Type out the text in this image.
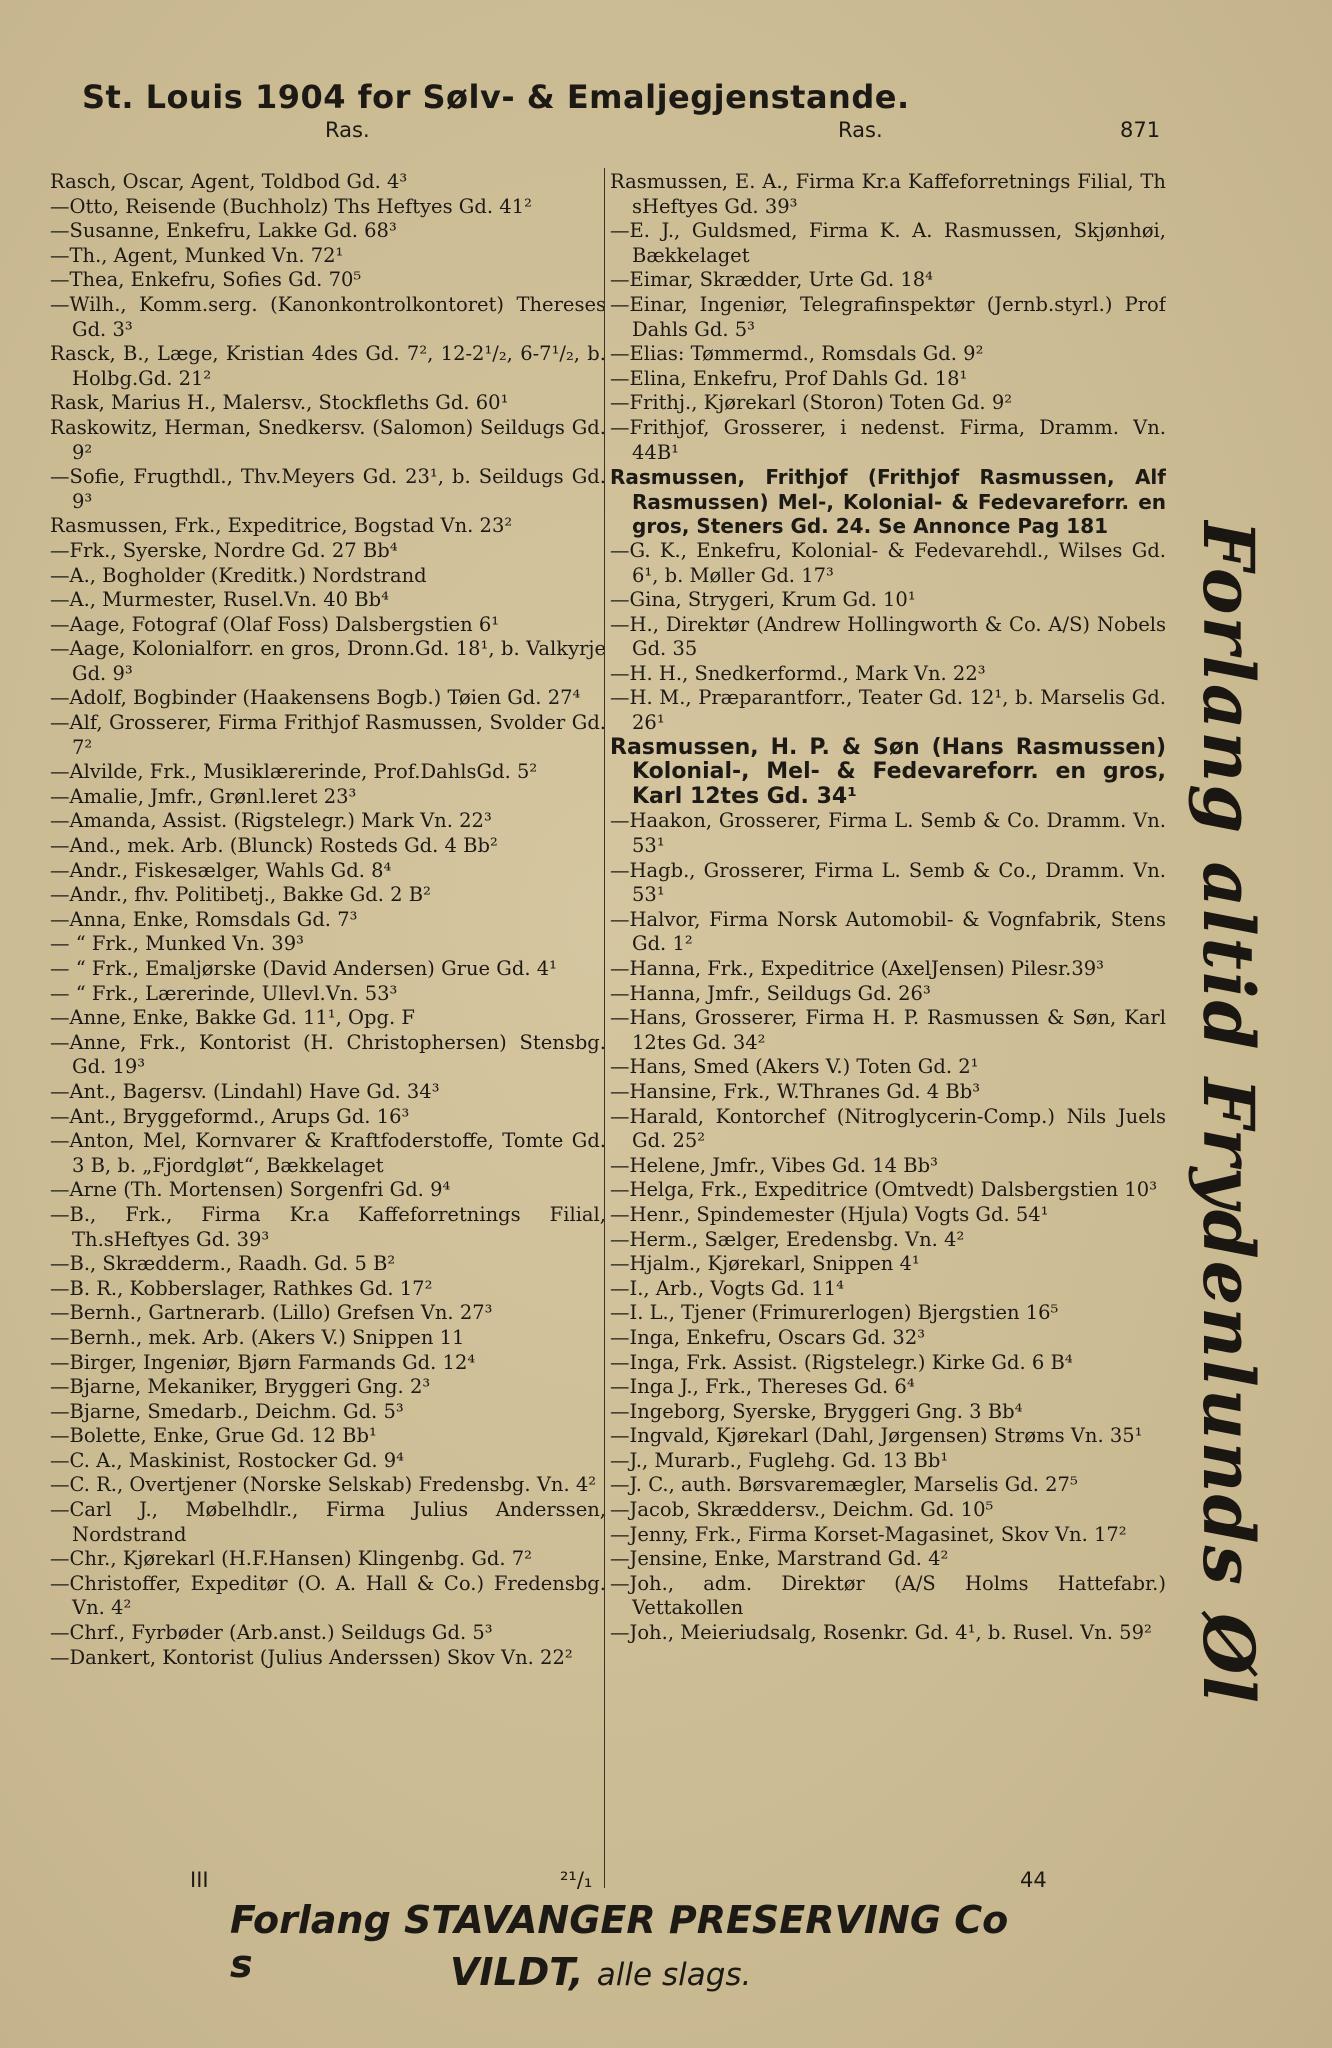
St. Louis 1904 for Sølv- & Emaljegjenstande.
Ras.	Ras.	871
Rasch, Oscar, Agent, Toldbod Gd. 4³
—Otto, Reisende (Buchholz) Ths Heftyes Gd. 41²
—Susanne, Enkefru, Lakke Gd. 68³
—Th., Agent, Munked Vn. 72¹
—Thea, Enkefru, Sofies Gd. 70⁵
—Wilh., Komm.serg. (Kanonkontrolkontoret) Thereses Gd. 3³
Rasck, B., Læge, Kristian 4des Gd. 7², 12-2¹/₂, 6-7¹/₂, b. Holbg.Gd. 21²
Rask, Marius H., Malersv., Stockfleths Gd. 60¹
Raskowitz, Herman, Snedkersv. (Salomon) Seildugs Gd. 9²
—Sofie, Frugthdl., Thv.Meyers Gd. 23¹, b. Seildugs Gd. 9³
Rasmussen, Frk., Expeditrice, Bogstad Vn. 23²
—Frk., Syerske, Nordre Gd. 27 Bb⁴
—A., Bogholder (Kreditk.) Nordstrand
—A., Murmester, Rusel.Vn. 40 Bb⁴
—Aage, Fotograf (Olaf Foss) Dalsbergstien 6¹
—Aage, Kolonialforr. en gros, Dronn.Gd. 18¹, b. Valkyrje Gd. 9³
—Adolf, Bogbinder (Haakensens Bogb.) Tøien Gd. 27⁴
—Alf, Grosserer, Firma Frithjof Rasmussen, Svolder Gd. 7²
—Alvilde, Frk., Musiklærerinde, Prof.DahlsGd. 5²
—Amalie, Jmfr., Grønl.leret 23³
—Amanda, Assist. (Rigstelegr.) Mark Vn. 22³
—And., mek. Arb. (Blunck) Rosteds Gd. 4 Bb²
—Andr., Fiskesælger, Wahls Gd. 8⁴
—Andr., fhv. Politibetj., Bakke Gd. 2 B²
—Anna, Enke, Romsdals Gd. 7³
— “ Frk., Munked Vn. 39³
— “ Frk., Emaljørske (David Andersen) Grue Gd. 4¹
— “ Frk., Lærerinde, Ullevl.Vn. 53³
—Anne, Enke, Bakke Gd. 11¹, Opg. F
—Anne, Frk., Kontorist (H. Christophersen) Stensbg. Gd. 19³
—Ant., Bagersv. (Lindahl) Have Gd. 34³
—Ant., Bryggeformd., Arups Gd. 16³
—Anton, Mel, Kornvarer & Kraftfoderstoffe, Tomte Gd. 3 B, b. „Fjordgløt“, Bækkelaget
—Arne (Th. Mortensen) Sorgenfri Gd. 9⁴
—B., Frk., Firma Kr.a Kaffeforretnings Filial, Th.sHeftyes Gd. 39³
—B., Skrædderm., Raadh. Gd. 5 B²
—B. R., Kobberslager, Rathkes Gd. 17²
—Bernh., Gartnerarb. (Lillo) Grefsen Vn. 27³
—Bernh., mek. Arb. (Akers V.) Snippen 11
—Birger, Ingeniør, Bjørn Farmands Gd. 12⁴
—Bjarne, Mekaniker, Bryggeri Gng. 2³
—Bjarne, Smedarb., Deichm. Gd. 5³
—Bolette, Enke, Grue Gd. 12 Bb¹
—C. A., Maskinist, Rostocker Gd. 9⁴
—C. R., Overtjener (Norske Selskab) Fredensbg. Vn. 4²
—Carl J., Møbelhdlr., Firma Julius Anderssen, Nordstrand
—Chr., Kjørekarl (H.F.Hansen) Klingenbg. Gd. 7²
—Christoffer, Expeditør (O. A. Hall & Co.) Fredensbg. Vn. 4²
—Chrf., Fyrbøder (Arb.anst.) Seildugs Gd. 5³
—Dankert, Kontorist (Julius Anderssen) Skov Vn. 22²
Rasmussen, E. A., Firma Kr.a Kaffeforretnings Filial, Th sHeftyes Gd. 39³
—E. J., Guldsmed, Firma K. A. Rasmussen, Skjønhøi, Bækkelaget
—Eimar, Skrædder, Urte Gd. 18⁴
—Einar, Ingeniør, Telegrafinspektør (Jernb.styrl.) Prof Dahls Gd. 5³
—Elias: Tømmermd., Romsdals Gd. 9²
—Elina, Enkefru, Prof Dahls Gd. 18¹
—Frithj., Kjørekarl (Storon) Toten Gd. 9²
—Frithjof, Grosserer, i nedenst. Firma, Dramm. Vn. 44B¹
Rasmussen, Frithjof (Frithjof Rasmussen, Alf Rasmussen) Mel-, Kolonial- & Fedevareforr. en gros, Steners Gd. 24. Se Annonce Pag 181
—G. K., Enkefru, Kolonial- & Fedevarehdl., Wilses Gd. 6¹, b. Møller Gd. 17³
—Gina, Strygeri, Krum Gd. 10¹
—H., Direktør (Andrew Hollingworth & Co. A/S) Nobels Gd. 35
—H. H., Snedkerformd., Mark Vn. 22³
—H. M., Præparantforr., Teater Gd. 12¹, b. Marselis Gd. 26¹
Rasmussen, H. P. & Søn (Hans Rasmussen) Kolonial-, Mel- & Fedevareforr. en gros, Karl 12tes Gd. 34¹
—Haakon, Grosserer, Firma L. Semb & Co. Dramm. Vn. 53¹
—Hagb., Grosserer, Firma L. Semb & Co., Dramm. Vn. 53¹
—Halvor, Firma Norsk Automobil- & Vognfabrik, Stens Gd. 1²
—Hanna, Frk., Expeditrice (AxelJensen) Pilesr.39³
—Hanna, Jmfr., Seildugs Gd. 26³
—Hans, Grosserer, Firma H. P. Rasmussen & Søn, Karl 12tes Gd. 34²
—Hans, Smed (Akers V.) Toten Gd. 2¹
—Hansine, Frk., W.Thranes Gd. 4 Bb³
—Harald, Kontorchef (Nitroglycerin-Comp.) Nils Juels Gd. 25²
—Helene, Jmfr., Vibes Gd. 14 Bb³
—Helga, Frk., Expeditrice (Omtvedt) Dalsbergstien 10³
—Henr., Spindemester (Hjula) Vogts Gd. 54¹
—Herm., Sælger, Eredensbg. Vn. 4²
—Hjalm., Kjørekarl, Snippen 4¹
—I., Arb., Vogts Gd. 11⁴
—I. L., Tjener (Frimurerlogen) Bjergstien 16⁵
—Inga, Enkefru, Oscars Gd. 32³
—Inga, Frk. Assist. (Rigstelegr.) Kirke Gd. 6 B⁴
—Inga J., Frk., Thereses Gd. 6⁴
—Ingeborg, Syerske, Bryggeri Gng. 3 Bb⁴
—Ingvald, Kjørekarl (Dahl, Jørgensen) Strøms Vn. 35¹
—J., Murarb., Fuglehg. Gd. 13 Bb¹
—J. C., auth. Børsvaremægler, Marselis Gd. 27⁵
—Jacob, Skræddersv., Deichm. Gd. 10⁵
—Jenny, Frk., Firma Korset-Magasinet, Skov Vn. 17²
—Jensine, Enke, Marstrand Gd. 4²
—Joh., adm. Direktør (A/S Holms Hattefabr.) Vettakollen
—Joh., Meieriudsalg, Rosenkr. Gd. 4¹, b. Rusel. Vn. 59² Forlang altid Frydenlunds Øl
III	²¹/₁	44
Forlang STAVANGER PRESERVING Co s	VILDT, alle slags.
